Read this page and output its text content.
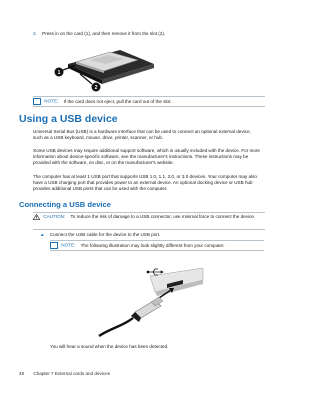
3. Press in on the card (1), and then remove it from the slot (2).
1
2
NOTE: If the card does not eject, pull the card out of the slot.
Using a USB device
Universal Serial Bus (USB) is a hardware interface that can be used to connect an optional external device, such as a USB keyboard, mouse, drive, printer, scanner, or hub.
Some USB devices may require additional support software, which is usually included with the device. For more information about device-specific software, see the manufacturer's instructions. These instructions may be provided with the software, on disc, or on the manufacturer's website.
The computer has at least 1 USB port that supports USB 1.0, 1.1, 2.0, or 3.0 devices. Your computer may also have a USB charging port that provides power to an external device. An optional docking device or USB hub provides additional USB ports that can be used with the computer.
Connecting a USB device
CAUTION: To reduce the risk of damage to a USB connector, use minimal force to connect the device.
▲ Connect the USB cable for the device to the USB port.
NOTE: The following illustration may look slightly different from your computer.
You will hear a sound when the device has been detected.
48 Chapter 7 External cards and devices
